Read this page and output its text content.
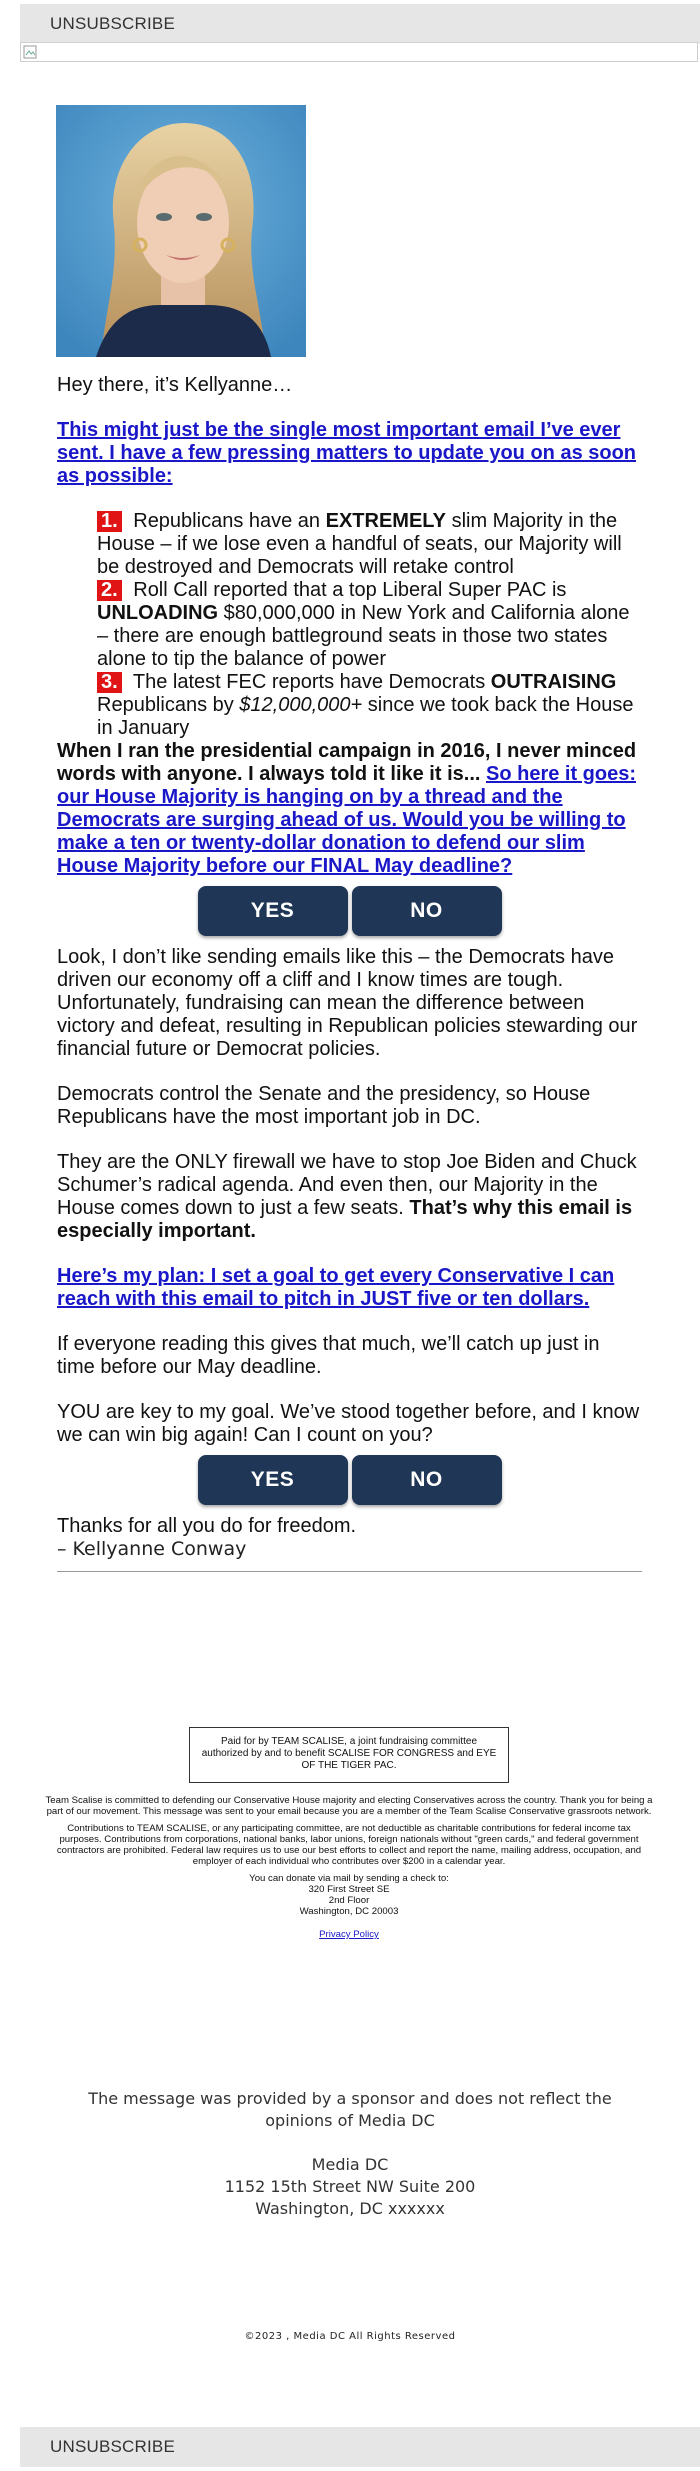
UNSUBSCRIBE

Hey there, it’s Kellyanne…

This might just be the single most important email I’ve ever sent. I have a few pressing matters to update you on as soon as possible:

1. Republicans have an EXTREMELY slim Majority in the House – if we lose even a handful of seats, our Majority will be destroyed and Democrats will retake control

2. Roll Call reported that a top Liberal Super PAC is UNLOADING $80,000,000 in New York and California alone – there are enough battleground seats in those two states alone to tip the balance of power

3. The latest FEC reports have Democrats OUTRAISING Republicans by $12,000,000+ since we took back the House in January

When I ran the presidential campaign in 2016, I never minced words with anyone. I always told it like it is... So here it goes: our House Majority is hanging on by a thread and the Democrats are surging ahead of us. Would you be willing to make a ten or twenty-dollar donation to defend our slim House Majority before our FINAL May deadline?

YES	NO

Look, I don’t like sending emails like this – the Democrats have driven our economy off a cliff and I know times are tough. Unfortunately, fundraising can mean the difference between victory and defeat, resulting in Republican policies stewarding our financial future or Democrat policies.

Democrats control the Senate and the presidency, so House Republicans have the most important job in DC.

They are the ONLY firewall we have to stop Joe Biden and Chuck Schumer’s radical agenda. And even then, our Majority in the House comes down to just a few seats. That’s why this email is especially important.

Here’s my plan: I set a goal to get every Conservative I can reach with this email to pitch in JUST five or ten dollars.

If everyone reading this gives that much, we’ll catch up just in time before our May deadline.

YOU are key to my goal. We’ve stood together before, and I know we can win big again! Can I count on you?

YES	NO

Thanks for all you do for freedom.

– Kellyanne Conway

Paid for by TEAM SCALISE, a joint fundraising committee authorized by and to benefit SCALISE FOR CONGRESS and EYE OF THE TIGER PAC.

Team Scalise is committed to defending our Conservative House majority and electing Conservatives across the country. Thank you for being a part of our movement. This message was sent to your email because you are a member of the Team Scalise Conservative grassroots network.

Contributions to TEAM SCALISE, or any participating committee, are not deductible as charitable contributions for federal income tax purposes. Contributions from corporations, national banks, labor unions, foreign nationals without "green cards," and federal government contractors are prohibited. Federal law requires us to use our best efforts to collect and report the name, mailing address, occupation, and employer of each individual who contributes over $200 in a calendar year.

You can donate via mail by sending a check to:

320 First Street SE
2nd Floor
Washington, DC 20003

Privacy Policy

The message was provided by a sponsor and does not reflect the opinions of Media DC

Media DC

1152 15th Street NW Suite 200

Washington, DC xxxxxx

©2023 , Media DC All Rights Reserved
UNSUBSCRIBE
